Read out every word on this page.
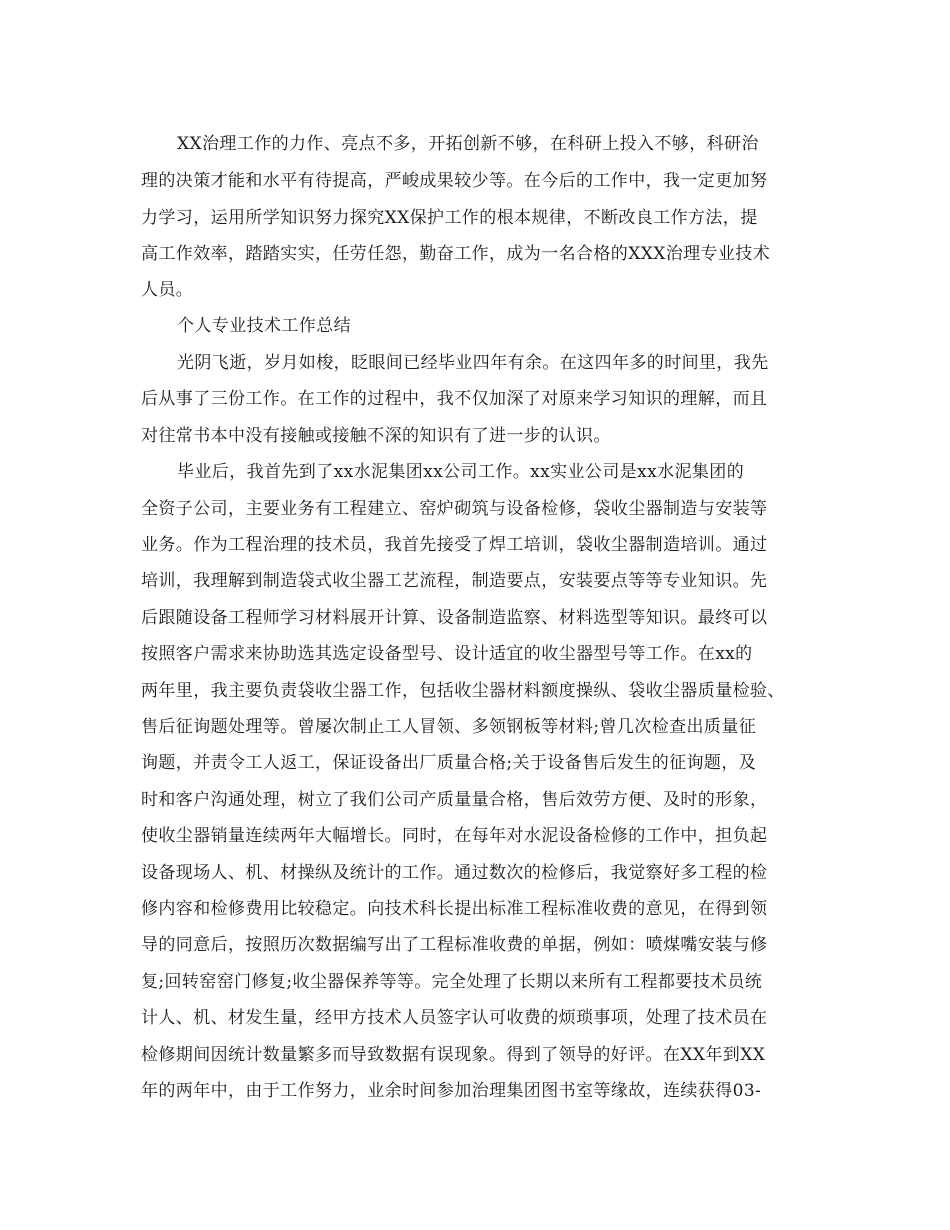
XX治理工作的力作、亮点不多，开拓创新不够，在科研上投入不够，科研治
理的决策才能和水平有待提高，严峻成果较少等。在今后的工作中，我一定更加努
力学习，运用所学知识努力探究XX保护工作的根本规律，不断改良工作方法，提
高工作效率，踏踏实实，任劳任怨，勤奋工作，成为一名合格的XXX治理专业技术
人员。
个人专业技术工作总结
光阴飞逝，岁月如梭，眨眼间已经毕业四年有余。在这四年多的时间里，我先
后从事了三份工作。在工作的过程中，我不仅加深了对原来学习知识的理解，而且
对往常书本中没有接触或接触不深的知识有了进一步的认识。
毕业后，我首先到了xx水泥集团xx公司工作。xx实业公司是xx水泥集团的
全资子公司，主要业务有工程建立、窑炉砌筑与设备检修，袋收尘器制造与安装等
业务。作为工程治理的技术员，我首先接受了焊工培训，袋收尘器制造培训。通过
培训，我理解到制造袋式收尘器工艺流程，制造要点，安装要点等等专业知识。先
后跟随设备工程师学习材料展开计算、设备制造监察、材料选型等知识。最终可以
按照客户需求来协助选其选定设备型号、设计适宜的收尘器型号等工作。在xx的
两年里，我主要负责袋收尘器工作，包括收尘器材料额度操纵、袋收尘器质量检验、
售后征询题处理等。曾屡次制止工人冒领、多领钢板等材料;曾几次检查出质量征
询题，并责令工人返工，保证设备出厂质量合格;关于设备售后发生的征询题，及
时和客户沟通处理，树立了我们公司产质量量合格，售后效劳方便、及时的形象，
使收尘器销量连续两年大幅增长。同时，在每年对水泥设备检修的工作中，担负起
设备现场人、机、材操纵及统计的工作。通过数次的检修后，我觉察好多工程的检
修内容和检修费用比较稳定。向技术科长提出标准工程标准收费的意见，在得到领
导的同意后，按照历次数据编写出了工程标准收费的单据，例如：喷煤嘴安装与修
复;回转窑窑门修复;收尘器保养等等。完全处理了长期以来所有工程都要技术员统
计人、机、材发生量，经甲方技术人员签字认可收费的烦琐事项，处理了技术员在
检修期间因统计数量繁多而导致数据有误现象。得到了领导的好评。在XX年到XX
年的两年中，由于工作努力，业余时间参加治理集团图书室等缘故，连续获得03-
